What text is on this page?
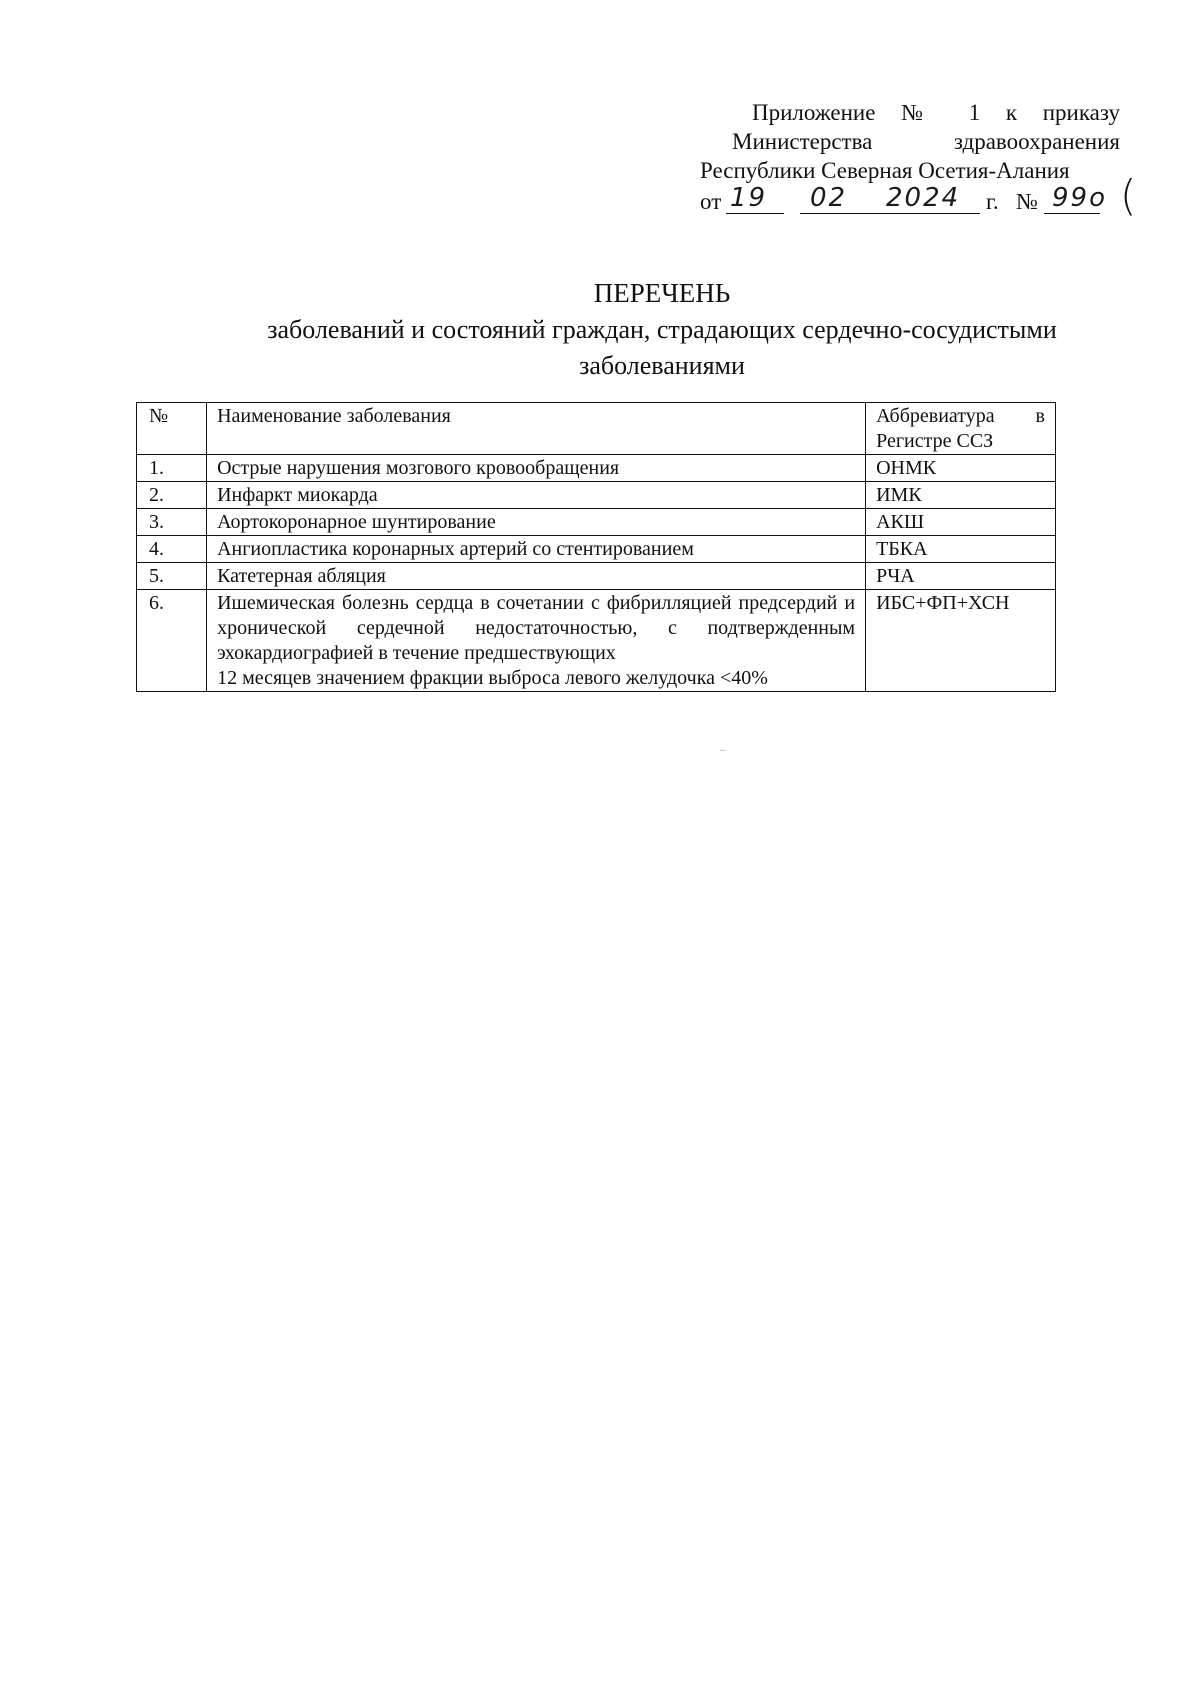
Приложение № 1 к приказу
Министерства здравоохранения
Республики Северная Осетия-Алания
от 19 02 2024 г. № 99о (
ПЕРЕЧЕНЬ
заболеваний и состояний граждан, страдающих сердечно-сосудистыми заболеваниями
№	Наименование заболевания	Аббревиатура в
Регистре ССЗ

1.	Острые нарушения мозгового кровообращения	ОНМК
2.	Инфаркт миокарда	ИМК
3.	Аортокоронарное шунтирование	АКШ
4.	Ангиопластика коронарных артерий со стентированием	ТБКА
5.	Катетерная абляция	РЧА
6.	Ишемическая болезнь сердца в сочетании с фибрилляцией предсердий и хронической сердечной недостаточностью, с подтвержденным эхокардиографией в течение предшествующих
12 месяцев значением фракции выброса левого желудочка <40%	ИБС+ФП+ХСН
